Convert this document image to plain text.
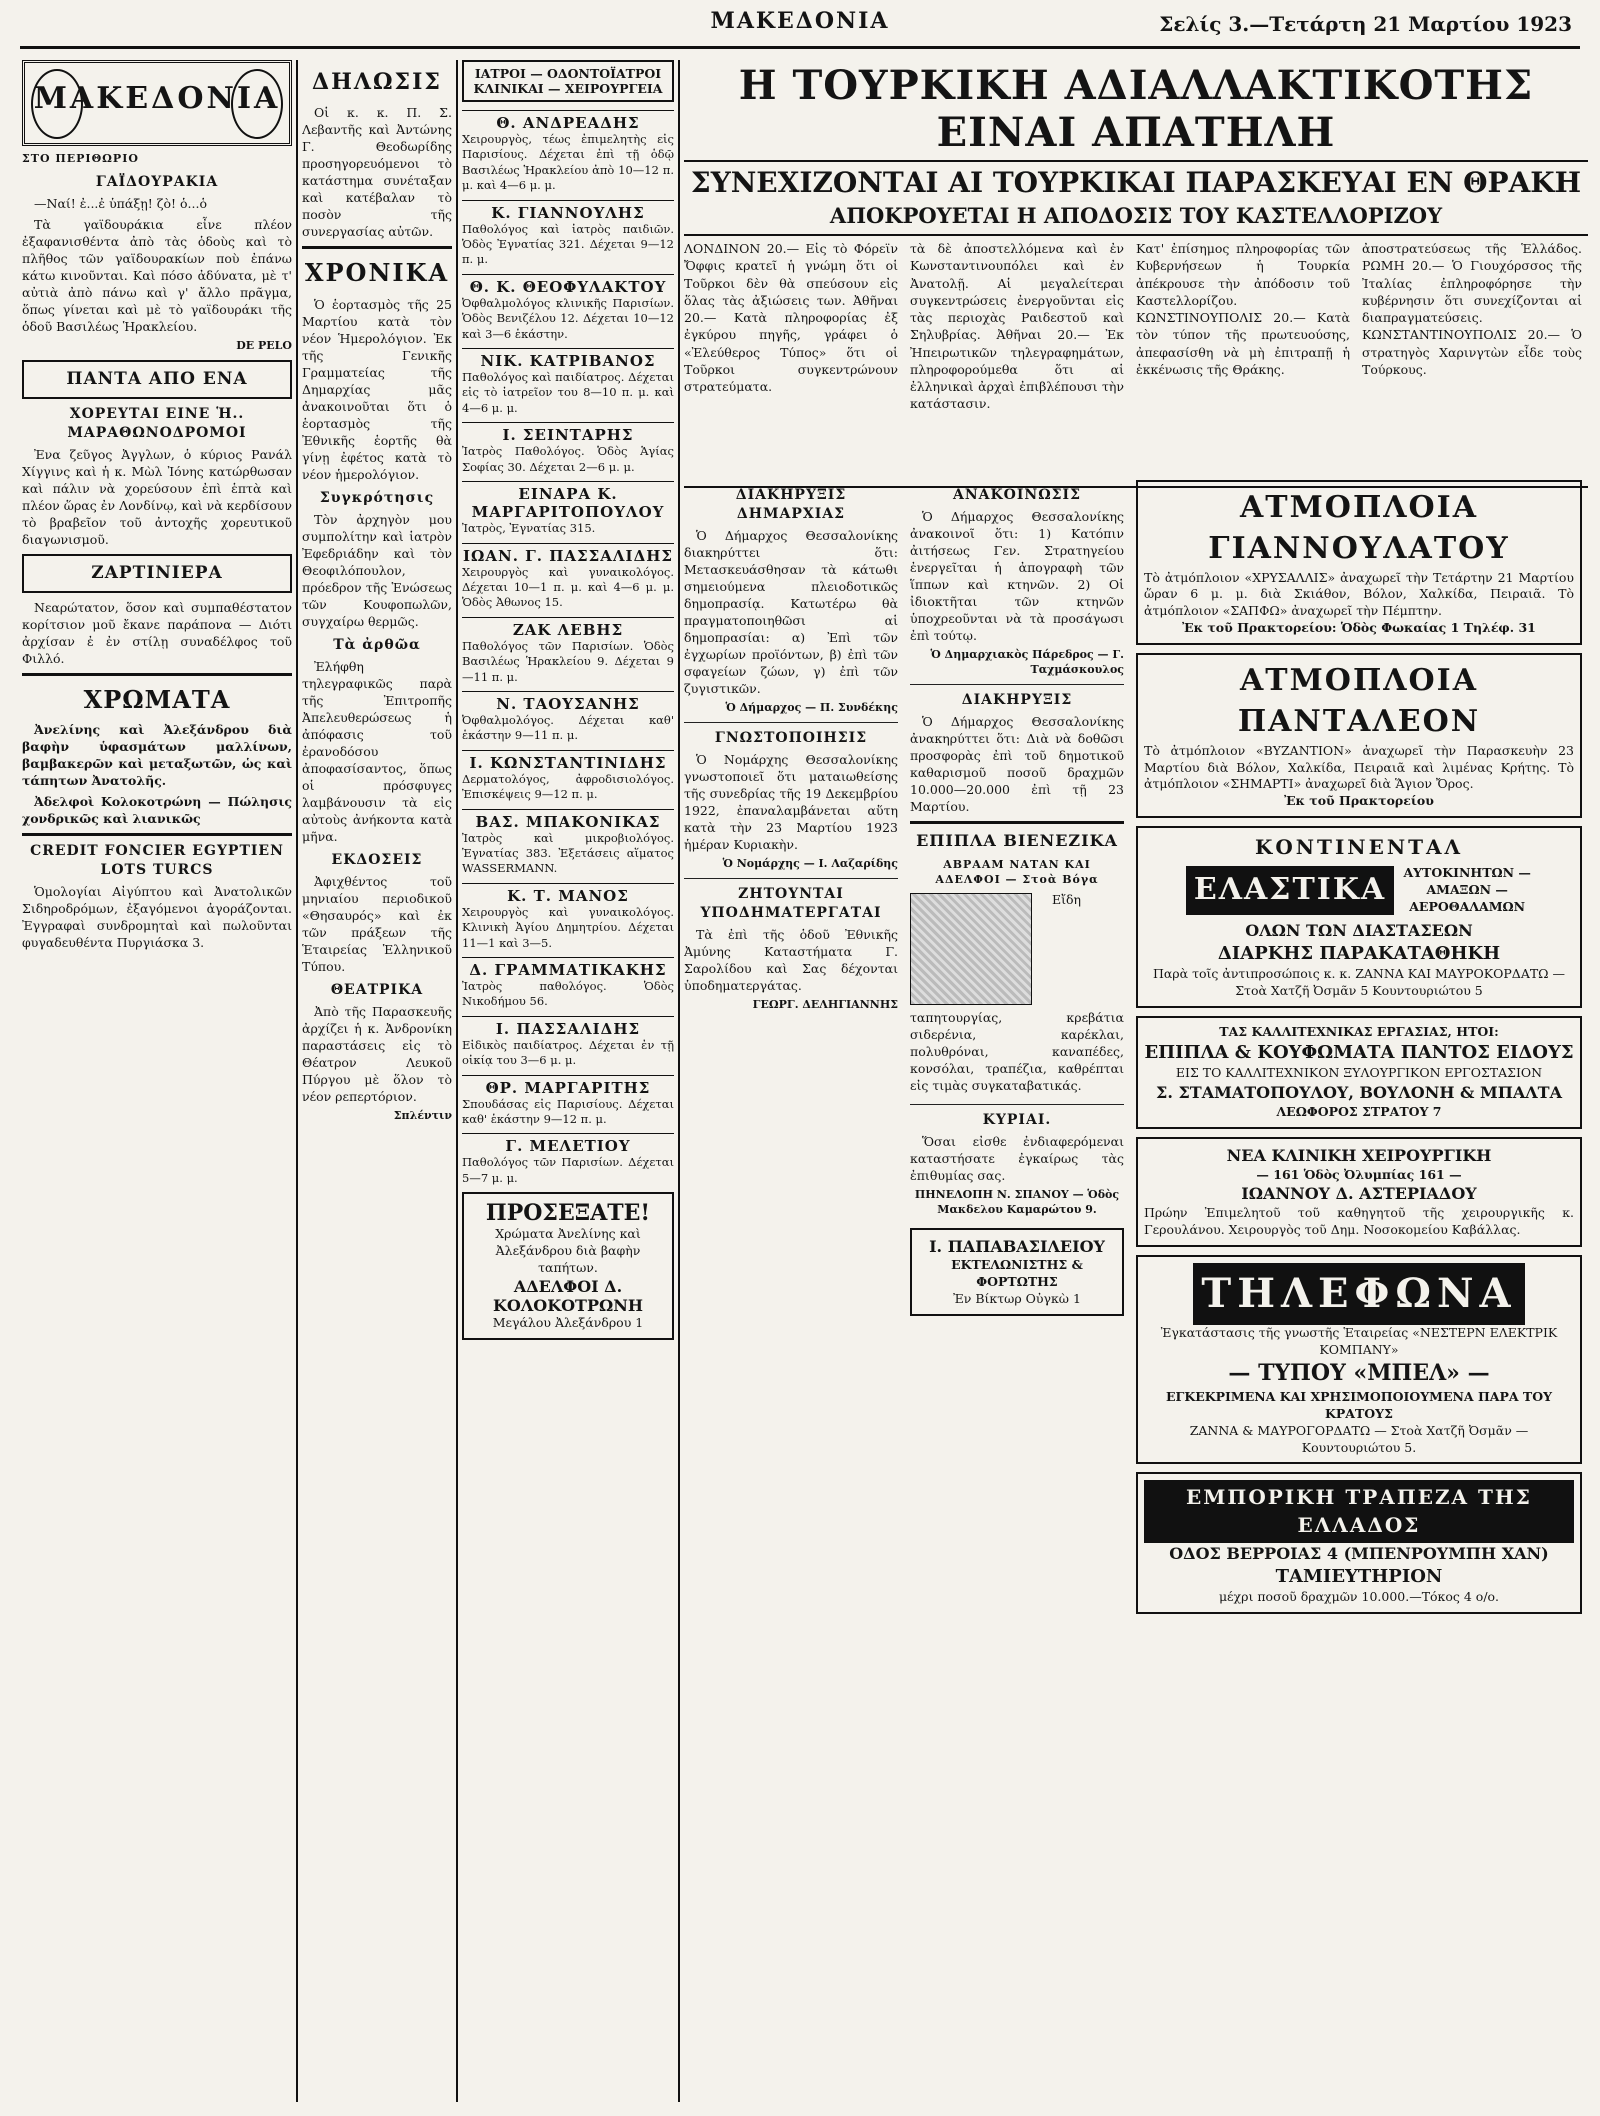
ΜΑΚΕΔΟΝΙΑ	Σελίς 3.—Τετάρτη 21 Μαρτίου 1923
ΜΑΚΕΔΟΝΙΑ
ΣΤΟ ΠΕΡΙΘΩΡΙΟ
ΓΑΪΔΟΥΡΑΚΙΑ

—Ναί! ἐ...ἐ ὑπάξῃ! ζὸ! ὁ...ὁ

Τὰ γαϊδουράκια εἶνε πλέον ἐξαφανισθέντα ἀπὸ τὰς ὁδοὺς καὶ τὸ πλῆθος τῶν γαϊδουρακίων ποὺ ἐπάνω κάτω κινοῦνται. Καὶ πόσο ἀδύνατα, μὲ τ' αὐτιὰ ἀπὸ πάνω καὶ γ' ἄλλο πρᾶγμα, ὅπως γίνεται καὶ μὲ τὸ γαϊδουράκι τῆς ὁδοῦ Βασιλέως Ἡρακλείου.

DE PELO
ΠΑΝΤΑ ΑΠΟ ΕΝΑ
ΧΟΡΕΥΤΑΙ ΕΙΝΕ Ἡ.. ΜΑΡΑΘΩΝΟΔΡΟΜΟΙ

Ἐνα ζεῦγος Ἀγγλων, ὁ κύριος Ρανάλ Χίγγινς καὶ ἡ κ. Μὼλ Ἰόνης κατώρθωσαν καὶ πάλιν νὰ χορεύσουν ἐπὶ ἑπτὰ καὶ πλέον ὥρας ἐν Λονδίνῳ, καὶ νὰ κερδίσουν τὸ βραβεῖον τοῦ ἀντοχῆς χορευτικοῦ διαγωνισμοῦ.

ΖΑΡΤΙΝΙΕΡΑ

Νεαρώτατον, ὅσον καὶ συμπαθέστατον κορίτσιον μοῦ ἔκανε παράπονα — Διότι ἀρχίσαν ἐ ἐν στίλῃ συναδέλφος τοῦ Φιλλό.

ΧΡΩΜΑΤΑ

Ἀνελίνης καὶ Ἀλεξάνδρου διὰ βαφὴν ὑφασμάτων μαλλίνων, βαμβακερῶν καὶ μεταξωτῶν, ὡς καὶ τάπητων Ἀνατολῆς.

Ἀδελφοὶ Κολοκοτρώνη — Πώλησις χονδρικῶς καὶ λιανικῶς

CREDIT FONCIER EGYPTIEN LOTS TURCS

Ὁμολογίαι Αἰγύπτου καὶ Ἀνατολικῶν Σιδηροδρόμων, ἐξαγόμενοι ἀγοράζονται. Ἐγγραφαὶ συνδρομηταὶ καὶ πωλοῦνται φυγαδευθέντα Πυργιάσκα 3.

ΔΗΛΩΣΙΣ

Οἱ κ. κ. Π. Σ. Λεβαντῆς καὶ Ἀντώνης Γ. Θεοδωρίδης προσηγορευόμενοι τὸ κατάστημα συνέταξαν καὶ κατέβαλαν τὸ ποσὸν τῆς συνεργασίας αὐτῶν.

ΧΡΟΝΙΚΑ

Ὁ ἑορτασμὸς τῆς 25 Μαρτίου κατὰ τὸν νέον Ἡμερολόγιον. Ἐκ τῆς Γενικῆς Γραμματείας τῆς Δημαρχίας μᾶς ἀνακοινοῦται ὅτι ὁ ἑορτασμὸς τῆς Ἐθνικῆς ἑορτῆς θὰ γίνῃ ἐφέτος κατὰ τὸ νέον ἡμερολόγιον.

Συγκρότησις

Τὸν ἀρχηγὸν μου συμπολίτην καὶ ἱατρὸν Ἐφεδριάδην καὶ τὸν Θεοφιλόπουλον, πρόεδρον τῆς Ἑνώσεως τῶν Κουφοπωλῶν, συγχαίρω θερμῶς.

Τὰ ἀρθῶα

Ἐλήφθη τηλεγραφικῶς παρὰ τῆς Ἐπιτροπῆς Ἀπελευθερώσεως ἡ ἀπόφασις τοῦ ἐρανοδόσου ἀποφασίσαντος, ὅπως οἱ πρόσφυγες λαμβάνουσιν τὰ εἰς αὐτοὺς ἀνήκοντα κατὰ μῆνα.

ΕΚΔΟΣΕΙΣ

Ἀφιχθέντος τοῦ μηνιαίου περιοδικοῦ «Θησαυρός» καὶ ἐκ τῶν πράξεων τῆς Ἑταιρείας Ἑλληνικοῦ Τύπου.

ΘΕΑΤΡΙΚΑ

Ἀπὸ τῆς Παρασκευῆς ἀρχίζει ἡ κ. Ἀνδρονίκη παραστάσεις εἰς τὸ Θέατρον Λευκοῦ Πύργου μὲ ὅλον τὸ νέον ρεπερτόριον.

Σπλέντιν
ΙΑΤΡΟΙ — ΟΔΟΝΤΟΪΑΤΡΟΙ ΚΛΙΝΙΚΑΙ — ΧΕΙΡΟΥΡΓΕΙΑ
Θ. ΑΝΔΡΕΑΔΗΣ
Χειρουργὸς, τέως ἐπιμελητὴς εἰς Παρισίους. Δέχεται ἐπὶ τῇ ὁδῷ Βασιλέως Ἡρακλείου ἀπὸ 10—12 π. μ. καὶ 4—6 μ. μ.
Κ. ΓΙΑΝΝΟΥΛΗΣ
Παθολόγος καὶ ἰατρὸς παιδιῶν. Ὁδὸς Ἐγνατίας 321. Δέχεται 9—12 π. μ.
Θ. Κ. ΘΕΟΦΥΛΑΚΤΟΥ
Ὀφθαλμολόγος κλινικῆς Παρισίων. Ὁδὸς Βενιζέλου 12. Δέχεται 10—12 καὶ 3—6 ἑκάστην.
ΝΙΚ. ΚΑΤΡΙΒΑΝΟΣ
Παθολόγος καὶ παιδίατρος. Δέχεται εἰς τὸ ἰατρεῖον του 8—10 π. μ. καὶ 4—6 μ. μ.
Ι. ΣΕΙΝΤΑΡΗΣ
Ἰατρὸς Παθολόγος. Ὁδὸς Ἁγίας Σοφίας 30. Δέχεται 2—6 μ. μ.
ΕΙΝΑΡΑ Κ. ΜΑΡΓΑΡΙΤΟΠΟΥΛΟΥ
Ἰατρὸς, Ἐγνατίας 315.
ΙΩΑΝ. Γ. ΠΑΣΣΑΛΙΔΗΣ
Χειρουργὸς καὶ γυναικολόγος. Δέχεται 10—1 π. μ. καὶ 4—6 μ. μ. Ὁδὸς Ἀθωνος 15.
ΖΑΚ ΛΕΒΗΣ
Παθολόγος τῶν Παρισίων. Ὁδὸς Βασιλέως Ἡρακλείου 9. Δέχεται 9—11 π. μ.
Ν. ΤΑΟΥΣΑΝΗΣ
Ὀφθαλμολόγος. Δέχεται καθ' ἑκάστην 9—11 π. μ.
Ι. ΚΩΝΣΤΑΝΤΙΝΙΔΗΣ
Δερματολόγος, ἀφροδισιολόγος. Ἐπισκέψεις 9—12 π. μ.
ΒΑΣ. ΜΠΑΚΟΝΙΚΑΣ
Ἰατρὸς καὶ μικροβιολόγος. Ἐγνατίας 383. Ἐξετάσεις αἵματος WASSERMANN.
Κ. Τ. ΜΑΝΟΣ
Χειρουργὸς καὶ γυναικολόγος. Κλινικὴ Ἀγίου Δημητρίου. Δέχεται 11—1 καὶ 3—5.
Δ. ΓΡΑΜΜΑΤΙΚΑΚΗΣ
Ἰατρὸς παθολόγος. Ὁδὸς Νικοδήμου 56.
Ι. ΠΑΣΣΑΛΙΔΗΣ
Εἰδικὸς παιδίατρος. Δέχεται ἐν τῇ οἰκίᾳ του 3—6 μ. μ.
ΘΡ. ΜΑΡΓΑΡΙΤΗΣ
Σπουδάσας εἰς Παρισίους. Δέχεται καθ' ἑκάστην 9—12 π. μ.
Γ. ΜΕΛΕΤΙΟΥ
Παθολόγος τῶν Παρισίων. Δέχεται 5—7 μ. μ.
ΠΡΟΣΕΞΑΤΕ!
Χρώματα Ἀνελίνης καὶ Ἀλεξάνδρου διὰ βαφὴν ταπήτων.
ΑΔΕΛΦΟΙ Δ. ΚΟΛΟΚΟΤΡΩΝΗ
Μεγάλου Ἀλεξάνδρου 1
Η ΤΟΥΡΚΙΚΗ ΑΔΙΑΛΛΑΚΤΙΚΟΤΗΣ ΕΙΝΑΙ ΑΠΑΤΗΛΗ
ΣΥΝΕΧΙΖΟΝΤΑΙ ΑΙ ΤΟΥΡΚΙΚΑΙ ΠΑΡΑΣΚΕΥΑΙ ΕΝ ΘΡΑΚΗ
ΑΠΟΚΡΟΥΕΤΑΙ Η ΑΠΟΔΟΣΙΣ ΤΟΥ ΚΑΣΤΕΛΛΟΡΙΖΟΥ
ΛΟΝΔΙΝΟΝ 20.— Εἰς τὸ Φόρεϊν Ὄφφις κρατεῖ ἡ γνώμη ὅτι οἱ Τοῦρκοι δὲν θὰ σπεύσουν εἰς ὅλας τὰς ἀξιώσεις των. Ἀθῆναι 20.— Κατὰ πληροφορίας ἐξ ἐγκύρου πηγῆς, γράφει ὁ «Ἐλεύθερος Τύπος» ὅτι οἱ Τοῦρκοι συγκεντρώνουν στρατεύματα.
τὰ δὲ ἀποστελλόμενα καὶ ἐν Κωνσταντινουπόλει καὶ ἐν Ἀνατολῇ. Αἱ μεγαλείτεραι συγκεντρώσεις ἐνεργοῦνται εἰς τὰς περιοχὰς Ραιδεστοῦ καὶ Σηλυβρίας. Ἀθῆναι 20.— Ἐκ Ἠπειρωτικῶν τηλεγραφημάτων, πληροφορούμεθα ὅτι αἱ ἐλληνικαὶ ἀρχαὶ ἐπιβλέπουσι τὴν κατάστασιν.
Κατ' ἐπίσημος πληροφορίας τῶν Κυβερνήσεων ἡ Τουρκία ἀπέκρουσε τὴν ἀπόδοσιν τοῦ Καστελλορίζου. ΚΩΝΣΤΙΝΟΥΠΟΛΙΣ 20.— Κατὰ τὸν τύπον τῆς πρωτευούσης, ἀπεφασίσθη νὰ μὴ ἐπιτραπῇ ἡ ἐκκένωσις τῆς Θράκης.
ἀποστρατεύσεως τῆς Ἑλλάδος. ΡΩΜΗ 20.— Ὁ Γιουχόρσσος τῆς Ἰταλίας ἐπληροφόρησε τὴν κυβέρνησιν ὅτι συνεχίζονται αἱ διαπραγματεύσεις. ΚΩΝΣΤΑΝΤΙΝΟΥΠΟΛΙΣ 20.— Ὁ στρατηγὸς Χαρινγτὼν εἶδε τοὺς Τούρκους.
ΔΙΑΚΗΡΥΞΙΣ ΔΗΜΑΡΧΙΑΣ

Ὁ Δήμαρχος Θεσσαλονίκης διακηρύττει ὅτι: Μετασκευάσθησαν τὰ κάτωθι σημειούμενα πλειοδοτικῶς δημοπρασίᾳ. Κατωτέρω θὰ πραγματοποιηθῶσι αἱ δημοπρασίαι: α) Ἐπὶ τῶν ἐγχωρίων προϊόντων, β) ἐπὶ τῶν σφαγείων ζώων, γ) ἐπὶ τῶν ζυγιστικῶν.

Ὁ Δήμαρχος — Π. Συνδέκης
ΓΝΩΣΤΟΠΟΙΗΣΙΣ

Ὁ Νομάρχης Θεσσαλονίκης γνωστοποιεῖ ὅτι ματαιωθείσης τῆς συνεδρίας τῆς 19 Δεκεμβρίου 1922, ἐπαναλαμβάνεται αὕτη κατὰ τὴν 23 Μαρτίου 1923 ἡμέραν Κυριακὴν.

Ὁ Νομάρχης — Ι. Λαζαρίδης
ΖΗΤΟΥΝΤΑΙ ΥΠΟΔΗΜΑΤΕΡΓΑΤΑΙ

Τὰ ἐπὶ τῆς ὁδοῦ Ἐθνικῆς Ἀμύνης Καταστήματα Γ. Σαρολίδου καὶ Σας δέχονται ὑποδηματεργάτας.

ΓΕΩΡΓ. ΔΕΛΗΓΙΑΝΝΗΣ
ΑΝΑΚΟΙΝΩΣΙΣ

Ὁ Δήμαρχος Θεσσαλονίκης ἀνακοινοῖ ὅτι: 1) Κατόπιν ἀιτήσεως Γεν. Στρατηγείου ἐνεργεῖται ἡ ἀπογραφὴ τῶν ἵππων καὶ κτηνῶν. 2) Οἱ ἰδιοκτῆται τῶν κτηνῶν ὑποχρεοῦνται νὰ τὰ προσάγωσι ἐπὶ τούτῳ.

Ὁ Δημαρχιακὸς Πάρεδρος — Γ. Ταχμάσκουλος
ΔΙΑΚΗΡΥΞΙΣ

Ὁ Δήμαρχος Θεσσαλονίκης ἀνακηρύττει ὅτι: Διὰ νὰ δοθῶσι προσφορὰς ἐπὶ τοῦ δημοτικοῦ καθαρισμοῦ ποσοῦ δραχμῶν 10.000—20.000 ἐπὶ τῇ 23 Μαρτίου.

ΕΠΙΠΛΑ ΒΙΕΝΕΖΙΚΑ
ΑΒΡΑΑΜ ΝΑΤΑΝ ΚΑΙ ΑΔΕΛΦΟΙ — Στοὰ Βόγα

Εἴδη ταπητουργίας, κρεβάτια σιδερένια, καρέκλαι, πολυθρόναι, καναπέδες, κονσόλαι, τραπέζια, καθρέπται εἰς τιμὰς συγκαταβατικάς.

ΚΥΡΙΑΙ.

Ὅσαι εἰσθε ἐνδιαφερόμεναι καταστήσατε ἐγκαίρως τὰς ἐπιθυμίας σας.

ΠΗΝΕΛΟΠΗ Ν. ΣΠΑΝΟΥ — Ὁδὸς Μακδελου Καμαρώτου 9.
Ι. ΠΑΠΑΒΑΣΙΛΕΙΟΥ
ΕΚΤΕΛΩΝΙΣΤΗΣ & ΦΟΡΤΩΤΗΣ
Ἐν Βίκτωρ Οὐγκὼ 1
ΑΤΜΟΠΛΟΙΑ ΓΙΑΝΝΟΥΛΑΤΟΥ
Τὸ ἀτμόπλοιον «ΧΡΥΣΑΛΛΙΣ» ἀναχωρεῖ τὴν Τετάρτην 21 Μαρτίου ὥραν 6 μ. μ. διὰ Σκιάθον, Βόλον, Χαλκίδα, Πειραιᾶ. Τὸ ἀτμόπλοιον «ΣΑΠΦΩ» ἀναχωρεῖ τὴν Πέμπτην.
Ἐκ τοῦ Πρακτορείου: Ὁδὸς Φωκαίας 1 Τηλέφ. 31
ΑΤΜΟΠΛΟΙΑ ΠΑΝΤΑΛΕΟΝ
Τὸ ἀτμόπλοιον «ΒΥΖΑΝΤΙΟΝ» ἀναχωρεῖ τὴν Παρασκευὴν 23 Μαρτίου διὰ Βόλον, Χαλκίδα, Πειραιᾶ καὶ λιμένας Κρήτης. Τὸ ἀτμόπλοιον «ΣΗΜΑΡΤΙ» ἀναχωρεῖ διὰ Ἅγιον Ὄρος.
Ἐκ τοῦ Πρακτορείου
ΚΟΝΤΙΝΕΝΤΑΛ
ΕΛΑΣΤΙΚΑ	ΑΥΤΟΚΙΝΗΤΩΝ — ΑΜΑΞΩΝ — ΑΕΡΟΘΑΛΑΜΩΝ
ΟΛΩΝ ΤΩΝ ΔΙΑΣΤΑΣΕΩΝ
ΔΙΑΡΚΗΣ ΠΑΡΑΚΑΤΑΘΗΚΗ
Παρὰ τοῖς ἀντιπροσώποις κ. κ. ΖΑΝΝΑ ΚΑΙ ΜΑΥΡΟΚΟΡΔΑΤΩ — Στοὰ Χατζῆ Ὀσμᾶν 5 Κουντουριώτου 5
ΤΑΣ ΚΑΛΛΙΤΕΧΝΙΚΑΣ ΕΡΓΑΣΙΑΣ, ΗΤΟΙ:
ΕΠΙΠΛΑ & ΚΟΥΦΩΜΑΤΑ ΠΑΝΤΟΣ ΕΙΔΟΥΣ
ΕΙΣ ΤΟ ΚΑΛΛΙΤΕΧΝΙΚΟΝ ΞΥΛΟΥΡΓΙΚΟΝ ΕΡΓΟΣΤΑΣΙΟΝ
Σ. ΣΤΑΜΑΤΟΠΟΥΛΟΥ, ΒΟΥΛΟΝΗ & ΜΠΑΛΤΑ
ΛΕΩΦΟΡΟΣ ΣΤΡΑΤΟΥ 7
ΝΕΑ ΚΛΙΝΙΚΗ ΧΕΙΡΟΥΡΓΙΚΗ
— 161 Ὁδὸς Ὀλυμπίας 161 —
ΙΩΑΝΝΟΥ Δ. ΑΣΤΕΡΙΑΔΟΥ
Πρώην Ἐπιμελητοῦ τοῦ καθηγητοῦ τῆς χειρουργικῆς κ. Γερουλάνου. Χειρουργὸς τοῦ Δημ. Νοσοκομείου Καβάλλας.
ΤΗΛΕΦΩΝΑ
Ἐγκατάστασις τῆς γνωστῆς Ἑταιρείας «ΝΕΣΤΕΡΝ ΕΛΕΚΤΡΙΚ ΚΟΜΠΑΝΥ»
— ΤΥΠΟΥ «ΜΠΕΛ» —
ΕΓΚΕΚΡΙΜΕΝΑ ΚΑΙ ΧΡΗΣΙΜΟΠΟΙΟΥΜΕΝΑ ΠΑΡΑ ΤΟΥ ΚΡΑΤΟΥΣ
ΖΑΝΝΑ & ΜΑΥΡΟΓΟΡΔΑΤΩ — Στοὰ Χατζῆ Ὀσμᾶν — Κουντουριώτου 5.
ΕΜΠΟΡΙΚΗ ΤΡΑΠΕΖΑ ΤΗΣ ΕΛΛΑΔΟΣ
ΟΔΟΣ ΒΕΡΡΟΙΑΣ 4 (ΜΠΕΝΡΟΥΜΠΗ ΧΑΝ)
ΤΑΜΙΕΥΤΗΡΙΟΝ
μέχρι ποσοῦ δραχμῶν 10.000.—Τόκος 4 ο/ο.
